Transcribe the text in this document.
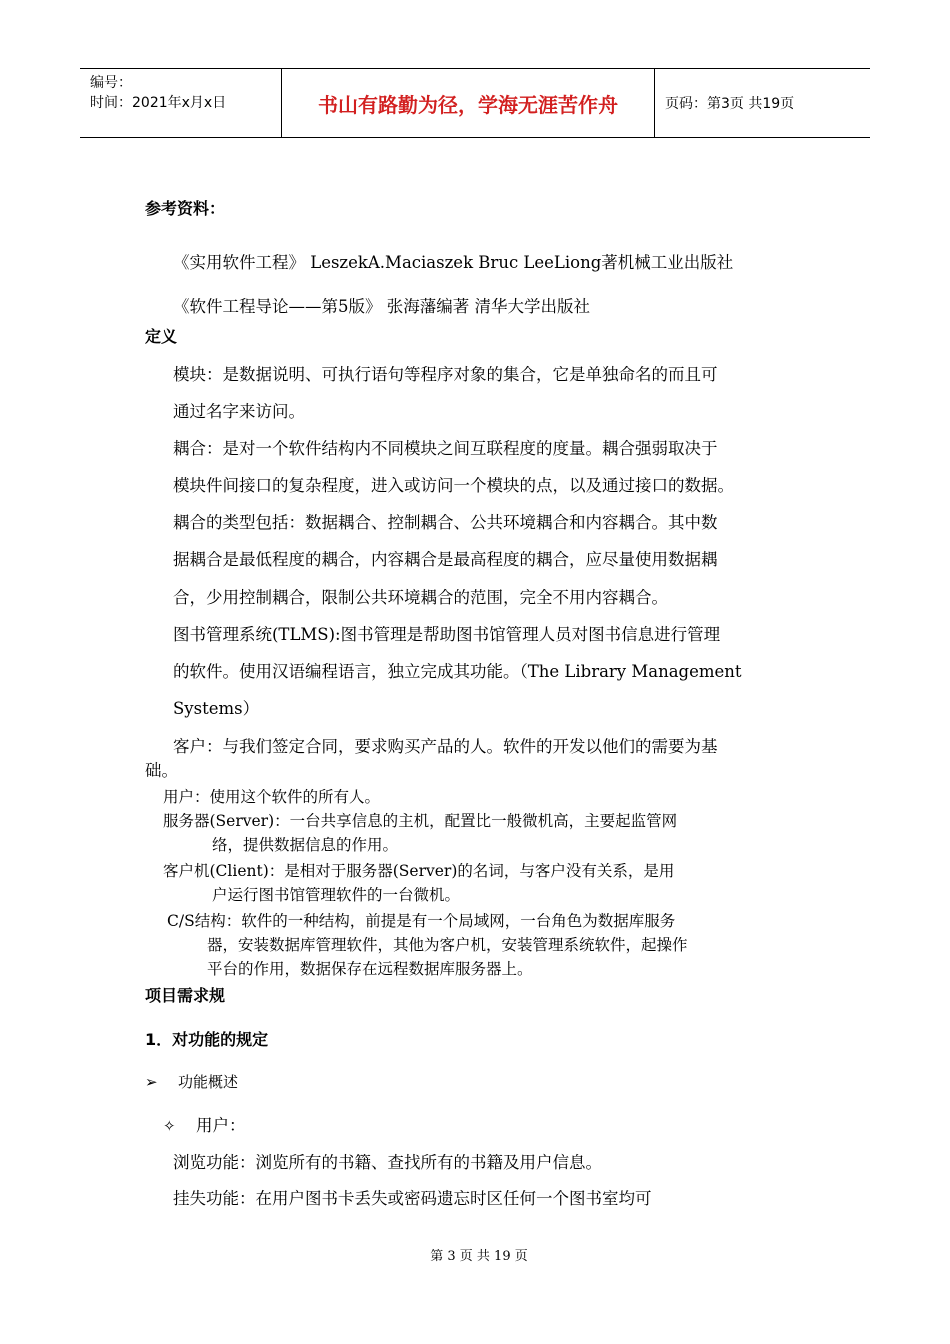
编号：
时间：2021年x月x日	书山有路勤为径，学海无涯苦作舟	页码：第3页 共19页
参考资料：
《实用软件工程》 LeszekA.Maciaszek Bruc LeeLiong著机械工业出版社
《软件工程导论——第5版》 张海藩编著 清华大学出版社
定义
模块：是数据说明、可执行语句等程序对象的集合，它是单独命名的而且可
通过名字来访问。
耦合：是对一个软件结构内不同模块之间互联程度的度量。耦合强弱取决于
模块件间接口的复杂程度，进入或访问一个模块的点，以及通过接口的数据。
耦合的类型包括：数据耦合、控制耦合、公共环境耦合和内容耦合。其中数
据耦合是最低程度的耦合，内容耦合是最高程度的耦合，应尽量使用数据耦
合，少用控制耦合，限制公共环境耦合的范围，完全不用内容耦合。
图书管理系统(TLMS):图书管理是帮助图书馆管理人员对图书信息进行管理
的软件。使用汉语编程语言，独立完成其功能。（The Library Management
Systems）
客户：与我们签定合同，要求购买产品的人。软件的开发以他们的需要为基
础。
用户：使用这个软件的所有人。
服务器(Server)：一台共享信息的主机，配置比一般微机高，主要起监管网
络，提供数据信息的作用。
客户机(Client)：是相对于服务器(Server)的名词，与客户没有关系，是用
户运行图书馆管理软件的一台微机。
C/S结构：软件的一种结构，前提是有一个局域网，一台角色为数据库服务
器，安装数据库管理软件，其他为客户机，安装管理系统软件，起操作
平台的作用，数据保存在远程数据库服务器上。
项目需求规
1．对功能的规定
➢ 功能概述
✧ 用户：
浏览功能：浏览所有的书籍、查找所有的书籍及用户信息。
挂失功能：在用户图书卡丢失或密码遗忘时区任何一个图书室均可
第 3 页 共 19 页
